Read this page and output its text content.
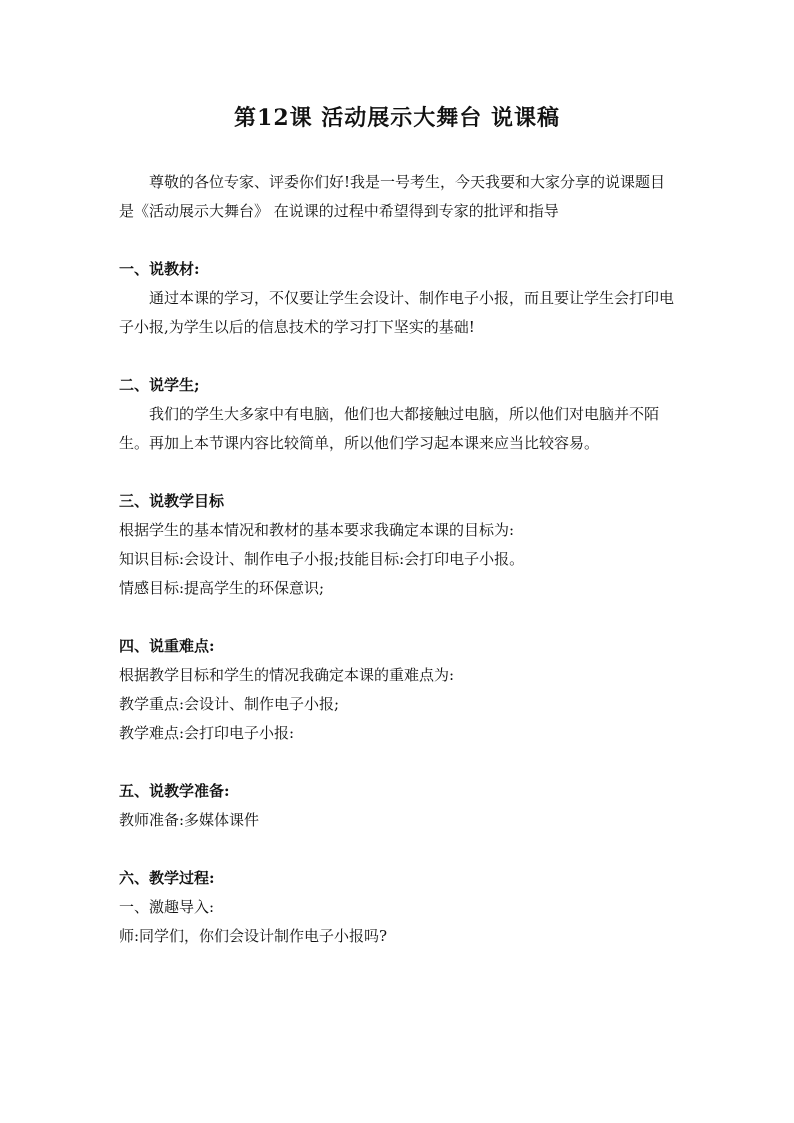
第12课 活动展示大舞台 说课稿

尊敬的各位专家、评委你们好!我是一号考生，今天我要和大家分享的说课题目 是《活动展示大舞台》 在说课的过程中希望得到专家的批评和指导

一、说教材:

通过本课的学习，不仅要让学生会设计、制作电子小报，而且要让学生会打印电子小报,为学生以后的信息技术的学习打下坚实的基础!

二、说学生;

我们的学生大多家中有电脑，他们也大都接触过电脑，所以他们对电脑并不陌生。再加上本节课内容比较简单，所以他们学习起本课来应当比较容易。

三、说教学目标

根据学生的基本情况和教材的基本要求我确定本课的目标为:

知识目标:会设计、制作电子小报;技能目标:会打印电子小报。

情感目标:提高学生的环保意识;

四、说重难点:

根据教学目标和学生的情况我确定本课的重难点为:

教学重点:会设计、制作电子小报;

教学难点:会打印电子小报:

五、说教学准备:

教师准备:多媒体课件

六、教学过程:

一、激趣导入:

师:同学们，你们会设计制作电子小报吗?
